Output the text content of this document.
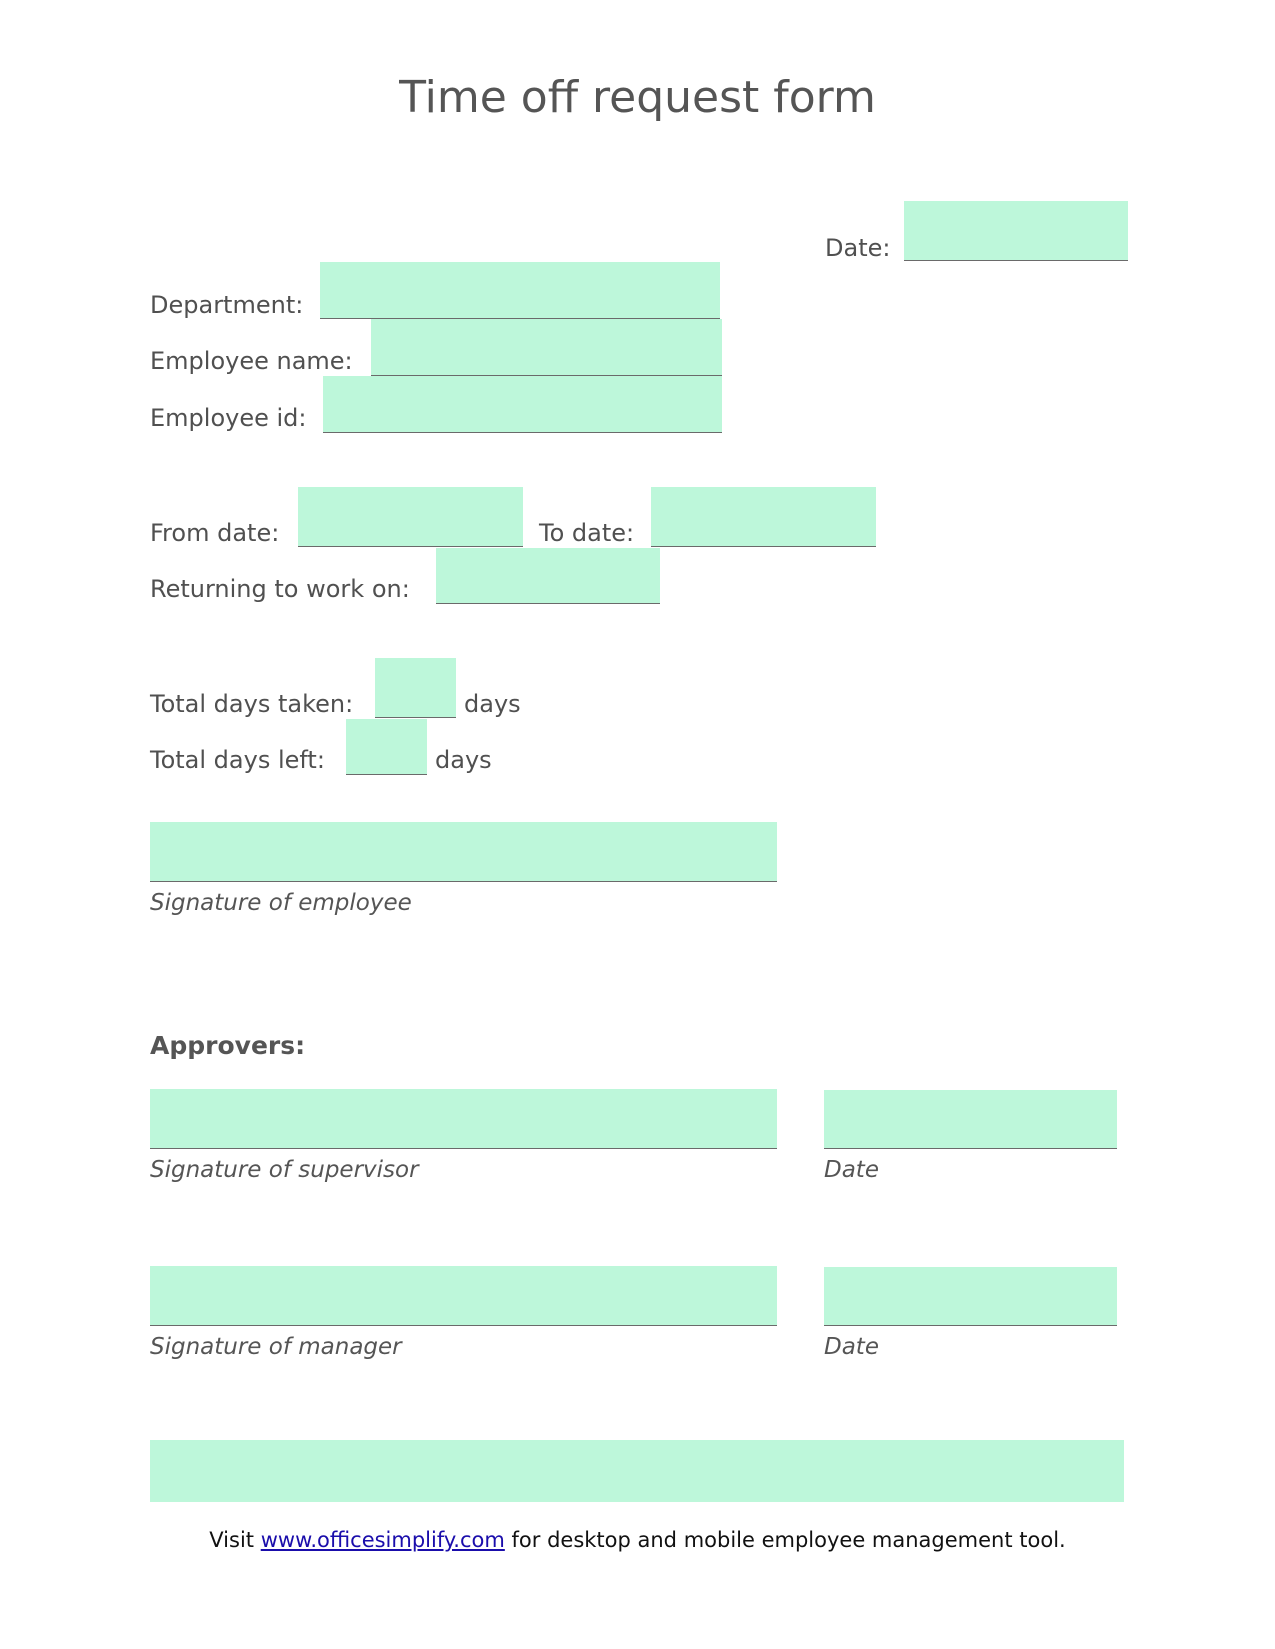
Time off request form
Date:
Department:
Employee name:
Employee id:
From date:	To date:
Returning to work on:
Total days taken:	days
Total days left:	days
Signature of employee
Approvers:
Signature of supervisor	Date
Signature of manager	Date
Visit www.officesimplify.com for desktop and mobile employee management tool.
